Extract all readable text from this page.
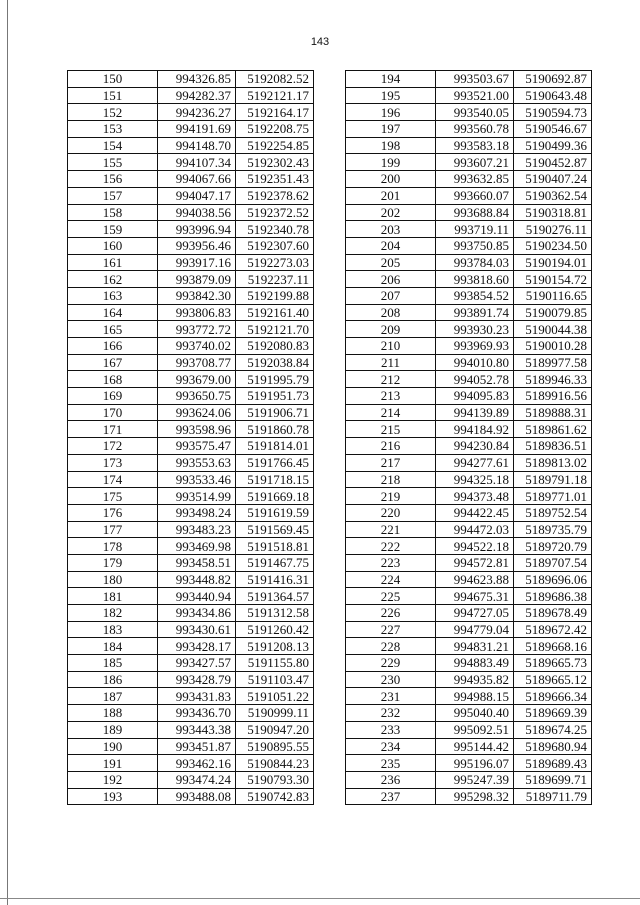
143
150	994326.85	5192082.52
151	994282.37	5192121.17
152	994236.27	5192164.17
153	994191.69	5192208.75
154	994148.70	5192254.85
155	994107.34	5192302.43
156	994067.66	5192351.43
157	994047.17	5192378.62
158	994038.56	5192372.52
159	993996.94	5192340.78
160	993956.46	5192307.60
161	993917.16	5192273.03
162	993879.09	5192237.11
163	993842.30	5192199.88
164	993806.83	5192161.40
165	993772.72	5192121.70
166	993740.02	5192080.83
167	993708.77	5192038.84
168	993679.00	5191995.79
169	993650.75	5191951.73
170	993624.06	5191906.71
171	993598.96	5191860.78
172	993575.47	5191814.01
173	993553.63	5191766.45
174	993533.46	5191718.15
175	993514.99	5191669.18
176	993498.24	5191619.59
177	993483.23	5191569.45
178	993469.98	5191518.81
179	993458.51	5191467.75
180	993448.82	5191416.31
181	993440.94	5191364.57
182	993434.86	5191312.58
183	993430.61	5191260.42
184	993428.17	5191208.13
185	993427.57	5191155.80
186	993428.79	5191103.47
187	993431.83	5191051.22
188	993436.70	5190999.11
189	993443.38	5190947.20
190	993451.87	5190895.55
191	993462.16	5190844.23
192	993474.24	5190793.30
193	993488.08	5190742.83
194	993503.67	5190692.87
195	993521.00	5190643.48
196	993540.05	5190594.73
197	993560.78	5190546.67
198	993583.18	5190499.36
199	993607.21	5190452.87
200	993632.85	5190407.24
201	993660.07	5190362.54
202	993688.84	5190318.81
203	993719.11	5190276.11
204	993750.85	5190234.50
205	993784.03	5190194.01
206	993818.60	5190154.72
207	993854.52	5190116.65
208	993891.74	5190079.85
209	993930.23	5190044.38
210	993969.93	5190010.28
211	994010.80	5189977.58
212	994052.78	5189946.33
213	994095.83	5189916.56
214	994139.89	5189888.31
215	994184.92	5189861.62
216	994230.84	5189836.51
217	994277.61	5189813.02
218	994325.18	5189791.18
219	994373.48	5189771.01
220	994422.45	5189752.54
221	994472.03	5189735.79
222	994522.18	5189720.79
223	994572.81	5189707.54
224	994623.88	5189696.06
225	994675.31	5189686.38
226	994727.05	5189678.49
227	994779.04	5189672.42
228	994831.21	5189668.16
229	994883.49	5189665.73
230	994935.82	5189665.12
231	994988.15	5189666.34
232	995040.40	5189669.39
233	995092.51	5189674.25
234	995144.42	5189680.94
235	995196.07	5189689.43
236	995247.39	5189699.71
237	995298.32	5189711.79
